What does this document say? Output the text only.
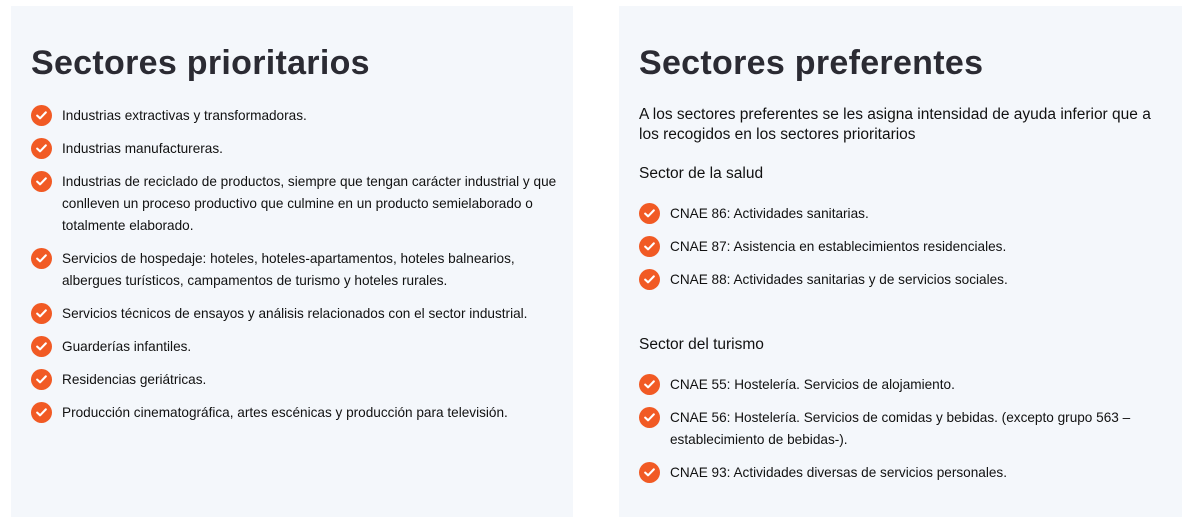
Sectores prioritarios
Industrias extractivas y transformadoras.
Industrias manufactureras.
Industrias de reciclado de productos, siempre que tengan carácter industrial y que conlleven un proceso productivo que culmine en un producto semielaborado o totalmente elaborado.
Servicios de hospedaje: hoteles, hoteles-apartamentos, hoteles balnearios, albergues turísticos, campamentos de turismo y hoteles rurales.
Servicios técnicos de ensayos y análisis relacionados con el sector industrial.
Guarderías infantiles.
Residencias geriátricas.
Producción cinematográfica, artes escénicas y producción para televisión.
Sectores preferentes

A los sectores preferentes se les asigna intensidad de ayuda inferior que a los recogidos en los sectores prioritarios

Sector de la salud
CNAE 86: Actividades sanitarias.
CNAE 87: Asistencia en establecimientos residenciales.
CNAE 88: Actividades sanitarias y de servicios sociales.
Sector del turismo
CNAE 55: Hostelería. Servicios de alojamiento.
CNAE 56: Hostelería. Servicios de comidas y bebidas. (excepto grupo 563 –establecimiento de bebidas-).
CNAE 93: Actividades diversas de servicios personales.
